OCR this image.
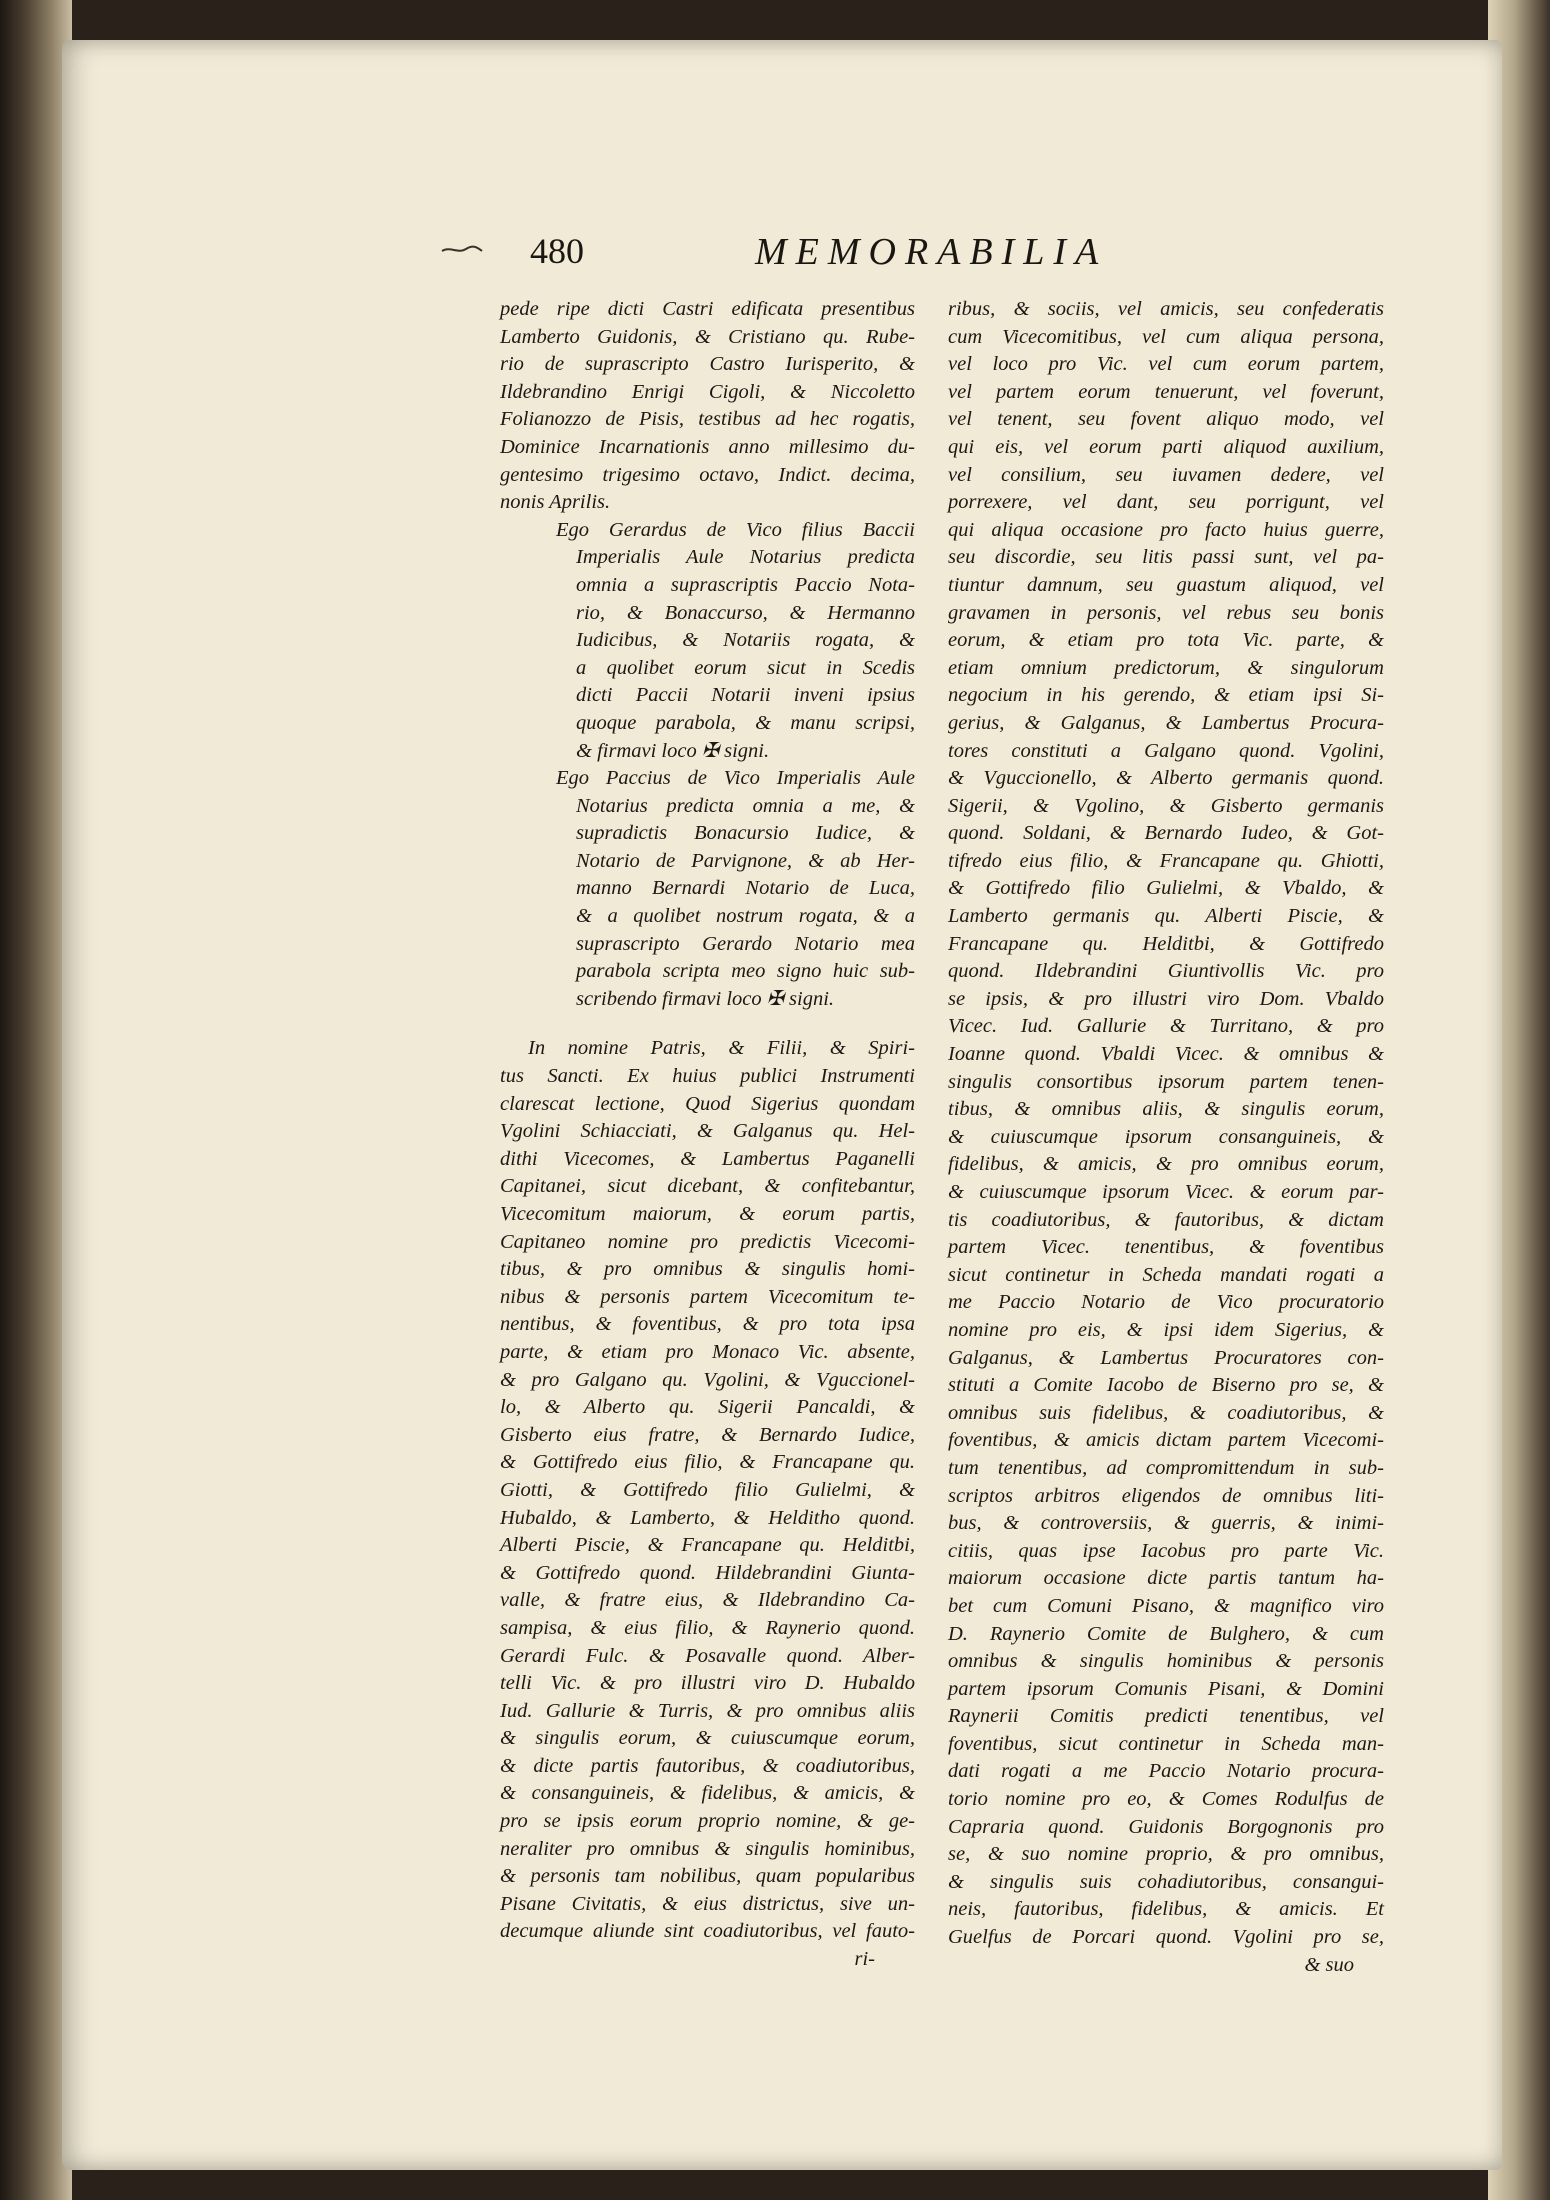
480	MEMORABILIA
pede ripe dicti Castri edificata presentibus
Lamberto Guidonis, & Cristiano qu. Rube-
rio de suprascripto Castro Iurisperito, &
Ildebrandino Enrigi Cigoli, & Niccoletto
Folianozzo de Pisis, testibus ad hec rogatis,
Dominice Incarnationis anno millesimo du-
gentesimo trigesimo octavo, Indict. decima,
nonis Aprilis.
Ego Gerardus de Vico filius Baccii
Imperialis Aule Notarius predicta
omnia a suprascriptis Paccio Nota-
rio, & Bonaccurso, & Hermanno
Iudicibus, & Notariis rogata, &
a quolibet eorum sicut in Scedis
dicti Paccii Notarii inveni ipsius
quoque parabola, & manu scripsi,
& firmavi loco ✠ signi.
Ego Paccius de Vico Imperialis Aule
Notarius predicta omnia a me, &
supradictis Bonacursio Iudice, &
Notario de Parvignone, & ab Her-
manno Bernardi Notario de Luca,
& a quolibet nostrum rogata, & a
suprascripto Gerardo Notario mea
parabola scripta meo signo huic sub-
scribendo firmavi loco ✠ signi.
In nomine Patris, & Filii, & Spiri-
tus Sancti. Ex huius publici Instrumenti
clarescat lectione, Quod Sigerius quondam
Vgolini Schiacciati, & Galganus qu. Hel-
dithi Vicecomes, & Lambertus Paganelli
Capitanei, sicut dicebant, & confitebantur,
Vicecomitum maiorum, & eorum partis,
Capitaneo nomine pro predictis Vicecomi-
tibus, & pro omnibus & singulis homi-
nibus & personis partem Vicecomitum te-
nentibus, & foventibus, & pro tota ipsa
parte, & etiam pro Monaco Vic. absente,
& pro Galgano qu. Vgolini, & Vguccionel-
lo, & Alberto qu. Sigerii Pancaldi, &
Gisberto eius fratre, & Bernardo Iudice,
& Gottifredo eius filio, & Francapane qu.
Giotti, & Gottifredo filio Gulielmi, &
Hubaldo, & Lamberto, & Helditho quond.
Alberti Piscie, & Francapane qu. Helditbi,
& Gottifredo quond. Hildebrandini Giunta-
valle, & fratre eius, & Ildebrandino Ca-
sampisa, & eius filio, & Raynerio quond.
Gerardi Fulc. & Posavalle quond. Alber-
telli Vic. & pro illustri viro D. Hubaldo
Iud. Gallurie & Turris, & pro omnibus aliis
& singulis eorum, & cuiuscumque eorum,
& dicte partis fautoribus, & coadiutoribus,
& consanguineis, & fidelibus, & amicis, &
pro se ipsis eorum proprio nomine, & ge-
neraliter pro omnibus & singulis hominibus,
& personis tam nobilibus, quam popularibus
Pisane Civitatis, & eius districtus, sive un-
decumque aliunde sint coadiutoribus, vel fauto-
ri-
ribus, & sociis, vel amicis, seu confederatis
cum Vicecomitibus, vel cum aliqua persona,
vel loco pro Vic. vel cum eorum partem,
vel partem eorum tenuerunt, vel foverunt,
vel tenent, seu fovent aliquo modo, vel
qui eis, vel eorum parti aliquod auxilium,
vel consilium, seu iuvamen dedere, vel
porrexere, vel dant, seu porrigunt, vel
qui aliqua occasione pro facto huius guerre,
seu discordie, seu litis passi sunt, vel pa-
tiuntur damnum, seu guastum aliquod, vel
gravamen in personis, vel rebus seu bonis
eorum, & etiam pro tota Vic. parte, &
etiam omnium predictorum, & singulorum
negocium in his gerendo, & etiam ipsi Si-
gerius, & Galganus, & Lambertus Procura-
tores constituti a Galgano quond. Vgolini,
& Vguccionello, & Alberto germanis quond.
Sigerii, & Vgolino, & Gisberto germanis
quond. Soldani, & Bernardo Iudeo, & Got-
tifredo eius filio, & Francapane qu. Ghiotti,
& Gottifredo filio Gulielmi, & Vbaldo, &
Lamberto germanis qu. Alberti Piscie, &
Francapane qu. Helditbi, & Gottifredo
quond. Ildebrandini Giuntivollis Vic. pro
se ipsis, & pro illustri viro Dom. Vbaldo
Vicec. Iud. Gallurie & Turritano, & pro
Ioanne quond. Vbaldi Vicec. & omnibus &
singulis consortibus ipsorum partem tenen-
tibus, & omnibus aliis, & singulis eorum,
& cuiuscumque ipsorum consanguineis, &
fidelibus, & amicis, & pro omnibus eorum,
& cuiuscumque ipsorum Vicec. & eorum par-
tis coadiutoribus, & fautoribus, & dictam
partem Vicec. tenentibus, & foventibus
sicut continetur in Scheda mandati rogati a
me Paccio Notario de Vico procuratorio
nomine pro eis, & ipsi idem Sigerius, &
Galganus, & Lambertus Procuratores con-
stituti a Comite Iacobo de Biserno pro se, &
omnibus suis fidelibus, & coadiutoribus, &
foventibus, & amicis dictam partem Vicecomi-
tum tenentibus, ad compromittendum in sub-
scriptos arbitros eligendos de omnibus liti-
bus, & controversiis, & guerris, & inimi-
citiis, quas ipse Iacobus pro parte Vic.
maiorum occasione dicte partis tantum ha-
bet cum Comuni Pisano, & magnifico viro
D. Raynerio Comite de Bulghero, & cum
omnibus & singulis hominibus & personis
partem ipsorum Comunis Pisani, & Domini
Raynerii Comitis predicti tenentibus, vel
foventibus, sicut continetur in Scheda man-
dati rogati a me Paccio Notario procura-
torio nomine pro eo, & Comes Rodulfus de
Capraria quond. Guidonis Borgognonis pro
se, & suo nomine proprio, & pro omnibus,
& singulis suis cohadiutoribus, consangui-
neis, fautoribus, fidelibus, & amicis. Et
Guelfus de Porcari quond. Vgolini pro se,
& suo
